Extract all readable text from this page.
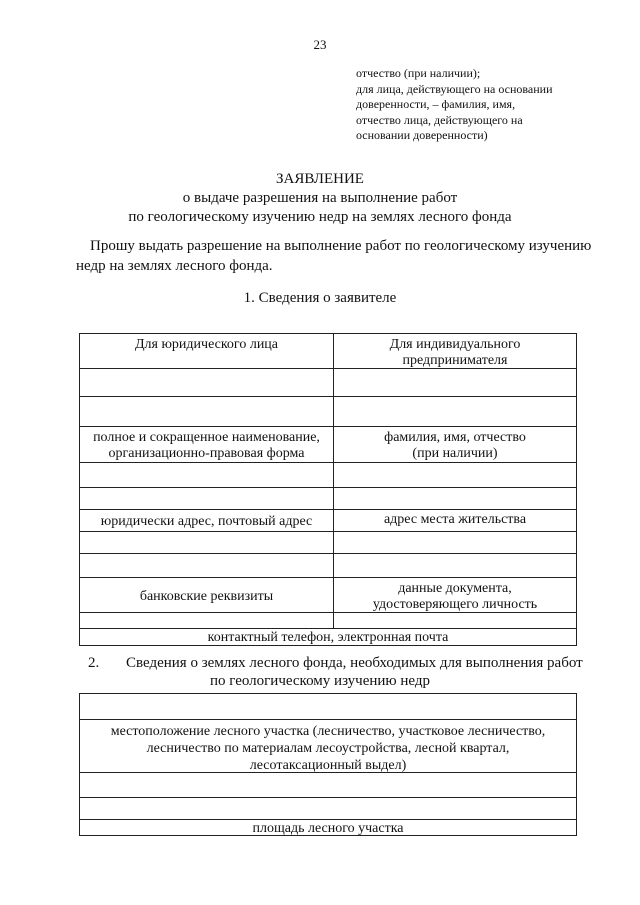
23
отчество (при наличии);
для лица, действующего на основании
доверенности, – фамилия, имя,
отчество лица, действующего на
основании доверенности)
ЗАЯВЛЕНИЕ
о выдаче разрешения на выполнение работ
по геологическому изучению недр на землях лесного фонда
Прошу выдать разрешение на выполнение работ по геологическому изучению
недр на землях лесного фонда.
1. Сведения о заявителе
Для юридического лица	Для индивидуального
предпринимателя
полное и сокращенное наименование,
организационно-правовая форма
фамилия, имя, отчество
(при наличии)
юридически адрес, почтовый адрес	адрес места жительства
банковские реквизиты
данные документа,
удостоверяющего личность
контактный телефон, электронная почта
2. Сведения о землях лесного фонда, необходимых для выполнения работ
по геологическому изучению недр
местоположение лесного участка (лесничество, участковое лесничество,
лесничество по материалам лесоустройства, лесной квартал,
лесотаксационный выдел)
площадь лесного участка
